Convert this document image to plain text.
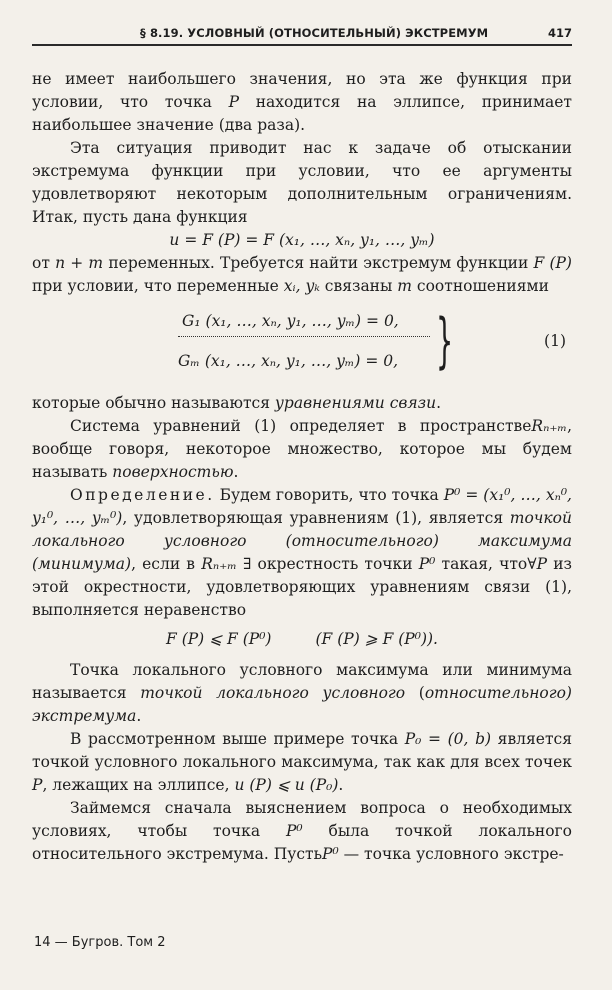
§ 8.19. УСЛОВНЫЙ (ОТНОСИТЕЛЬНЫЙ) ЭКСТРЕМУМ	417

не имеет наибольшего значения, но эта же функция при условии, что точка P находится на эллипсе, принимает наибольшее значение (два раза).

Эта ситуация приводит нас к задаче об отыскании экстремума функции при условии, что ее аргументы удовлетворяют некоторым дополнительным ограничениям. Итак, пусть дана функция

u = F (P) = F (x₁, …, xₙ, y₁, …, yₘ)

от n + m переменных. Требуется найти экстремум функции F (P) при условии, что переменные xᵢ, yₖ связаны m соотношениями

G₁ (x₁, …, xₙ, y₁, …, yₘ) = 0,
Gₘ (x₁, …, xₙ, y₁, …, yₘ) = 0, }	(1)

которые обычно называются уравнениями связи.

Система уравнений (1) определяет в пространствеRₙ₊ₘ, вообще говоря, некоторое множество, которое мы будем называть поверхностью.

Определение. Будем говорить, что точка P⁰ = (x₁⁰, …, xₙ⁰, y₁⁰, …, yₘ⁰), удовлетворяющая уравнениям (1), является точкой локального условного (относительного) максимума (минимума), если в Rₙ₊ₘ ∃ окрестность точки P⁰ такая, что∀P из этой окрестности, удовлетворяющих уравнениям связи (1), выполняется неравенство

F (P) ⩽ F (P⁰)	(F (P) ⩾ F (P⁰)).

Точка локального условного максимума или минимума называется точкой локального условного (относительного) экстремума.

В рассмотренном выше примере точка P₀ = (0, b) является точкой условного локального максимума, так как для всех точек P, лежащих на эллипсе, u (P) ⩽ u (P₀).

Займемся сначала выяснением вопроса о необходимых условиях, чтобы точка P⁰ была точкой локального относительного экстремума. ПустьP⁰ — точка условного экстре-

14 — Бугров. Том 2
